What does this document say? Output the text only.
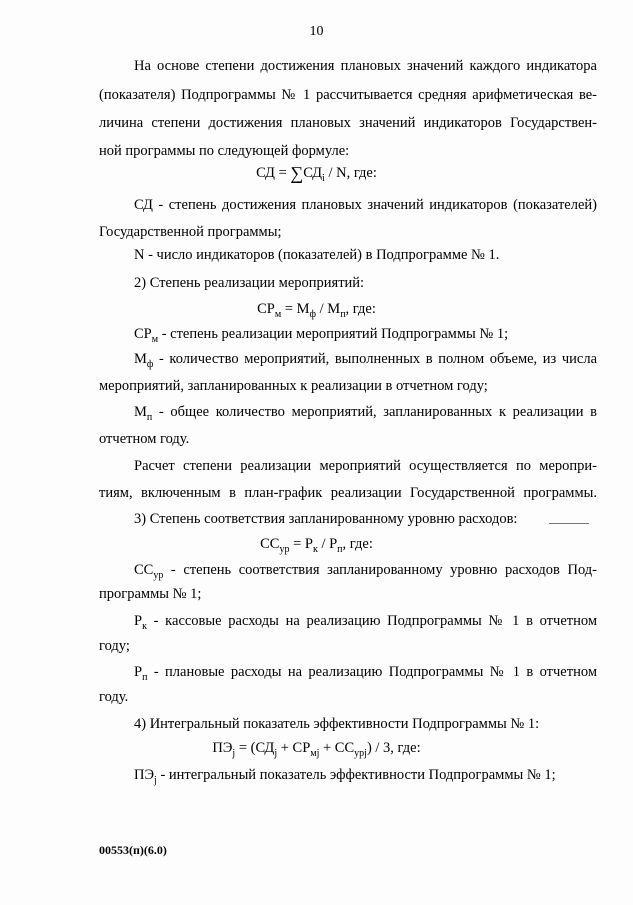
10
На основе степени достижения плановых значений каждого индикатора
(показателя) Подпрограммы № 1 рассчитывается средняя арифметическая ве-
личина степени достижения плановых значений индикаторов Государствен-
ной программы по следующей формуле:
СД = $\sum СД_i$ / N, где:
СД - степень достижения плановых значений индикаторов (показателей)
Государственной программы;
N - число индикаторов (показателей) в Подпрограмме № 1.
2) Степень реализации мероприятий:
$СР_м = М_ф / М_п$, где:
$СР_м$ - степень реализации мероприятий Подпрограммы № 1;
$М_ф$ - количество мероприятий, выполненных в полном объеме, из числа
мероприятий, запланированных к реализации в отчетном году;
$М_п$ - общее количество мероприятий, запланированных к реализации в
отчетном году.
Расчет степени реализации мероприятий осуществляется по меропри-
тиям, включенным в план-график реализации Государственной программы.
3) Степень соответствия запланированному уровню расходов:
$СС_{ур} = Р_к / Р_п$, где:
$СС_{ур}$ - степень соответствия запланированному уровню расходов Под-
программы № 1;
$Р_к$ - кассовые расходы на реализацию Подпрограммы № 1 в отчетном
году;
$Р_п$ - плановые расходы на реализацию Подпрограммы № 1 в отчетном
году.
4) Интегральный показатель эффективности Подпрограммы № 1:
$ПЭ_j = (СД_j + СР_{мj} + СС_{урj}) / 3$, где:
$ПЭ_j$ - интегральный показатель эффективности Подпрограммы № 1;
00553(п)(6.0)
